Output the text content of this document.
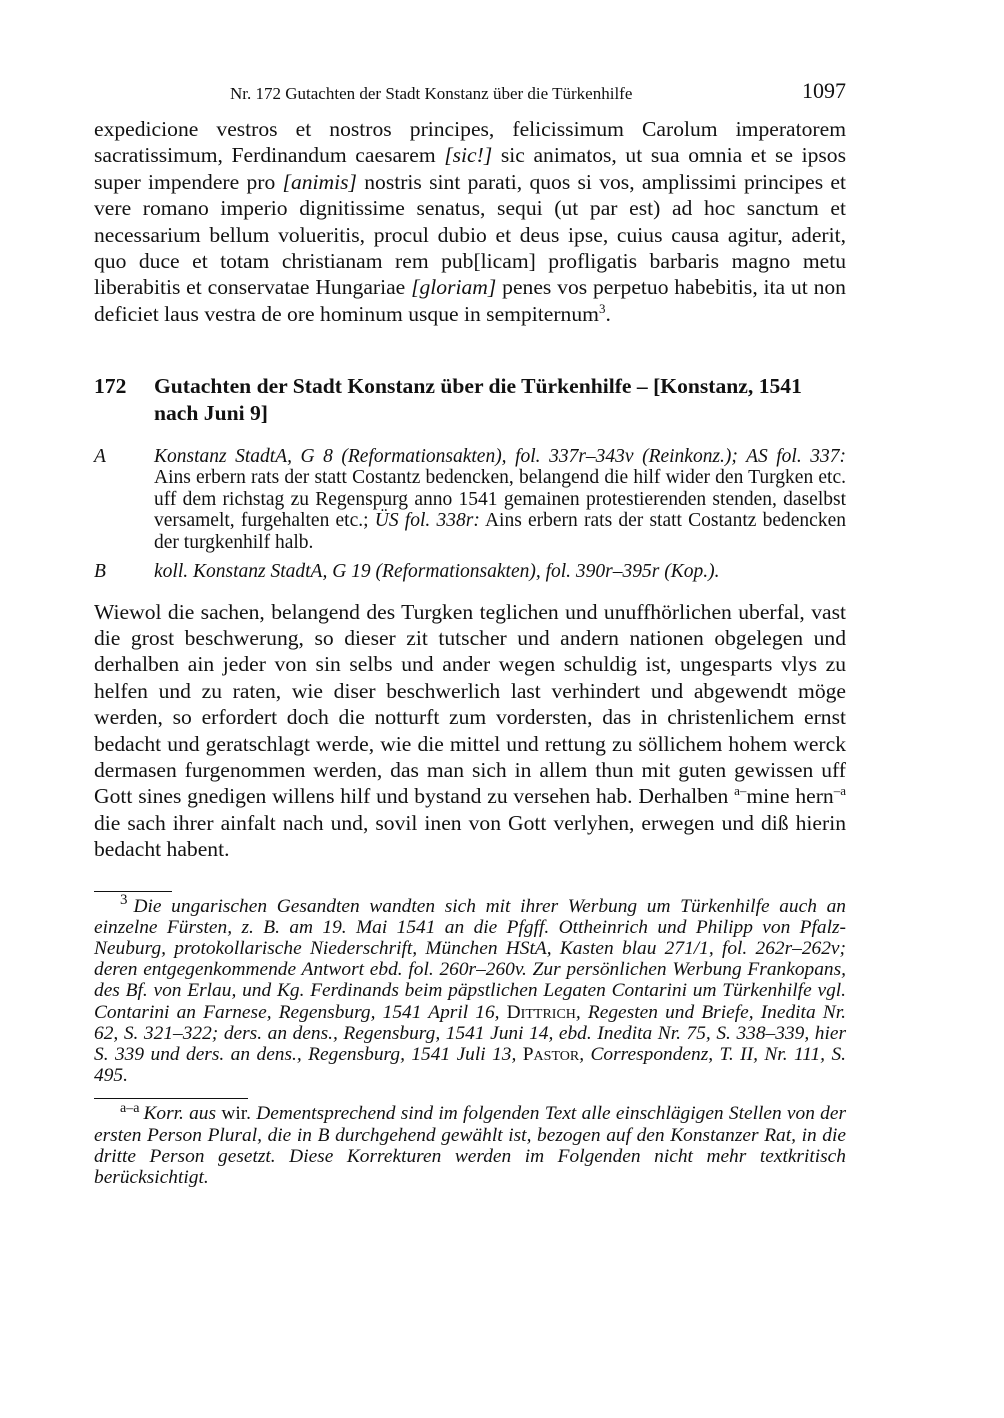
Nr. 172 Gutachten der Stadt Konstanz über die Türkenhilfe	1097

expedicione vestros et nostros principes, felicissimum Carolum imperatorem sacratissimum, Ferdinandum caesarem [sic!] sic animatos, ut sua omnia et se ipsos super impendere pro [animis] nostris sint parati, quos si vos, amplissimi principes et vere romano imperio dignitissime senatus, sequi (ut par est) ad hoc sanctum et necessarium bellum volueritis, procul dubio et deus ipse, cuius causa agitur, aderit, quo duce et totam christianam rem pub[licam] profligatis barbaris magno metu liberabitis et conservatae Hungariae [gloriam] penes vos perpetuo habebitis, ita ut non deficiet laus vestra de ore hominum usque in sempiternum$^3$.

172	Gutachten der Stadt Konstanz über die Türkenhilfe – [Konstanz, 1541 nach Juni 9]
A	Konstanz StadtA, G 8 (Reformationsakten), fol. 337r–343v (Reinkonz.); AS fol. 337: Ains erbern rats der statt Costantz bedencken, belangend die hilf wider den Turgken etc. uff dem richstag zu Regenspurg anno 1541 gemainen protestierenden stenden, daselbst versamelt, furgehalten etc.; ÜS fol. 338r: Ains erbern rats der statt Costantz bedencken der turgkenhilf halb.
B	koll. Konstanz StadtA, G 19 (Reformationsakten), fol. 390r–395r (Kop.).

Wiewol die sachen, belangend des Turgken teglichen und unuffhörlichen uberfal, vast die grost beschwerung, so dieser zit tutscher und andern nationen obgelegen und derhalben ain jeder von sin selbs und ander wegen schuldig ist, ungesparts vlys zu helfen und zu raten, wie diser beschwerlich last verhindert und abgewendt möge werden, so erfordert doch die notturft zum vordersten, das in christenlichem ernst bedacht und geratschlagt werde, wie die mittel und rettung zu söllichem hohem werck dermasen furgenommen werden, das man sich in allem thun mit guten gewissen uff Gott sines gnedigen willens hilf und bystand zu versehen hab. Derhalben $^{a-}$mine hern$^{-a}$ die sach ihrer ainfalt nach und, sovil inen von Gott verlyhen, erwegen und diß hierin bedacht habent.

$^3$ Die ungarischen Gesandten wandten sich mit ihrer Werbung um Türkenhilfe auch an einzelne Fürsten, z. B. am 19. Mai 1541 an die Pfgff. Ottheinrich und Philipp von Pfalz-Neuburg, protokollarische Niederschrift, München HStA, Kasten blau 271/1, fol. 262r–262v; deren entgegenkommende Antwort ebd. fol. 260r–260v. Zur persönlichen Werbung Frankopans, des Bf. von Erlau, und Kg. Ferdinands beim päpstlichen Legaten Contarini um Türkenhilfe vgl. Contarini an Farnese, Regensburg, 1541 April 16, Dittrich, Regesten und Briefe, Inedita Nr. 62, S. 321–322; ders. an dens., Regensburg, 1541 Juni 14, ebd. Inedita Nr. 75, S. 338–339, hier S. 339 und ders. an dens., Regensburg, 1541 Juli 13, Pastor, Correspondenz, T. II, Nr. 111, S. 495.

$^{a-a}$ Korr. aus wir. Dementsprechend sind im folgenden Text alle einschlägigen Stellen von der ersten Person Plural, die in B durchgehend gewählt ist, bezogen auf den Konstanzer Rat, in die dritte Person gesetzt. Diese Korrekturen werden im Folgenden nicht mehr textkritisch berücksichtigt.
